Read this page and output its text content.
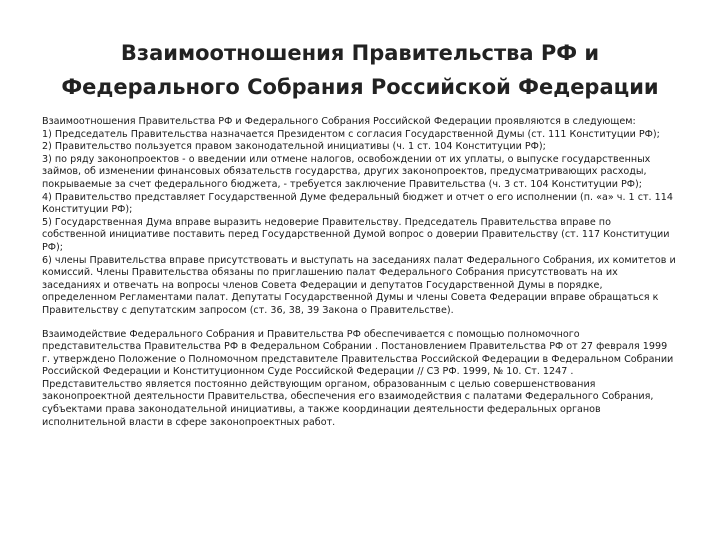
Взаимоотношения Правительства РФ и
Федерального Собрания Российской Федерации

Взаимоотношения Правительства РФ и Федерального Собрания Российской Федерации проявляются в следующем:

1) Председатель Правительства назначается Президентом с согласия Государственной Думы (ст. 111 Конституции РФ);

2) Правительство пользуется правом законодательной инициативы (ч. 1 ст. 104 Конституции РФ);

3) по ряду законопроектов - о введении или отмене налогов, освобождении от их уплаты, о выпуске государственных займов, об изменении финансовых обязательств государства, других законопроектов, предусматривающих расходы, покрываемые за счет федерального бюджета, - требуется заключение Правительства (ч. 3 ст. 104 Конституции РФ);

4) Правительство представляет Государственной Думе федеральный бюджет и отчет о его исполнении (п. «а» ч. 1 ст. 114 Конституции РФ);

5) Государственная Дума вправе выразить недоверие Правительству. Председатель Правительства вправе по собственной инициативе поставить перед Государственной Думой вопрос о доверии Правительству (ст. 117 Конституции РФ);

6) члены Правительства вправе присутствовать и выступать на заседаниях палат Федерального Собрания, их комитетов и комиссий. Члены Правительства обязаны по приглашению палат Федерального Собрания присутствовать на их заседаниях и отвечать на вопросы членов Совета Федерации и депутатов Государственной Думы в порядке, определенном Регламентами палат. Депутаты Государственной Думы и члены Совета Федерации вправе обращаться к Правительству с депутатским запросом (ст. 36, 38, 39 Закона о Правительстве).

Взаимодействие Федерального Собрания и Правительства РФ обеспечивается с помощью полномочного представительства Правительства РФ в Федеральном Собрании . Постановлением Правительства РФ от 27 февраля 1999 г. утверждено Положение о Полномочном представителе Правительства Российской Федерации в Федеральном Собрании Российской Федерации и Конституционном Суде Российской Федерации // СЗ РФ. 1999, № 10. Ст. 1247 .

Представительство является постоянно действующим органом, образованным с целью совершенствования законопроектной деятельности Правительства, обеспечения его взаимодействия с палатами Федерального Собрания, субъектами права законодательной инициативы, а также координации деятельности федеральных органов исполнительной власти в сфере законопроектных работ.
